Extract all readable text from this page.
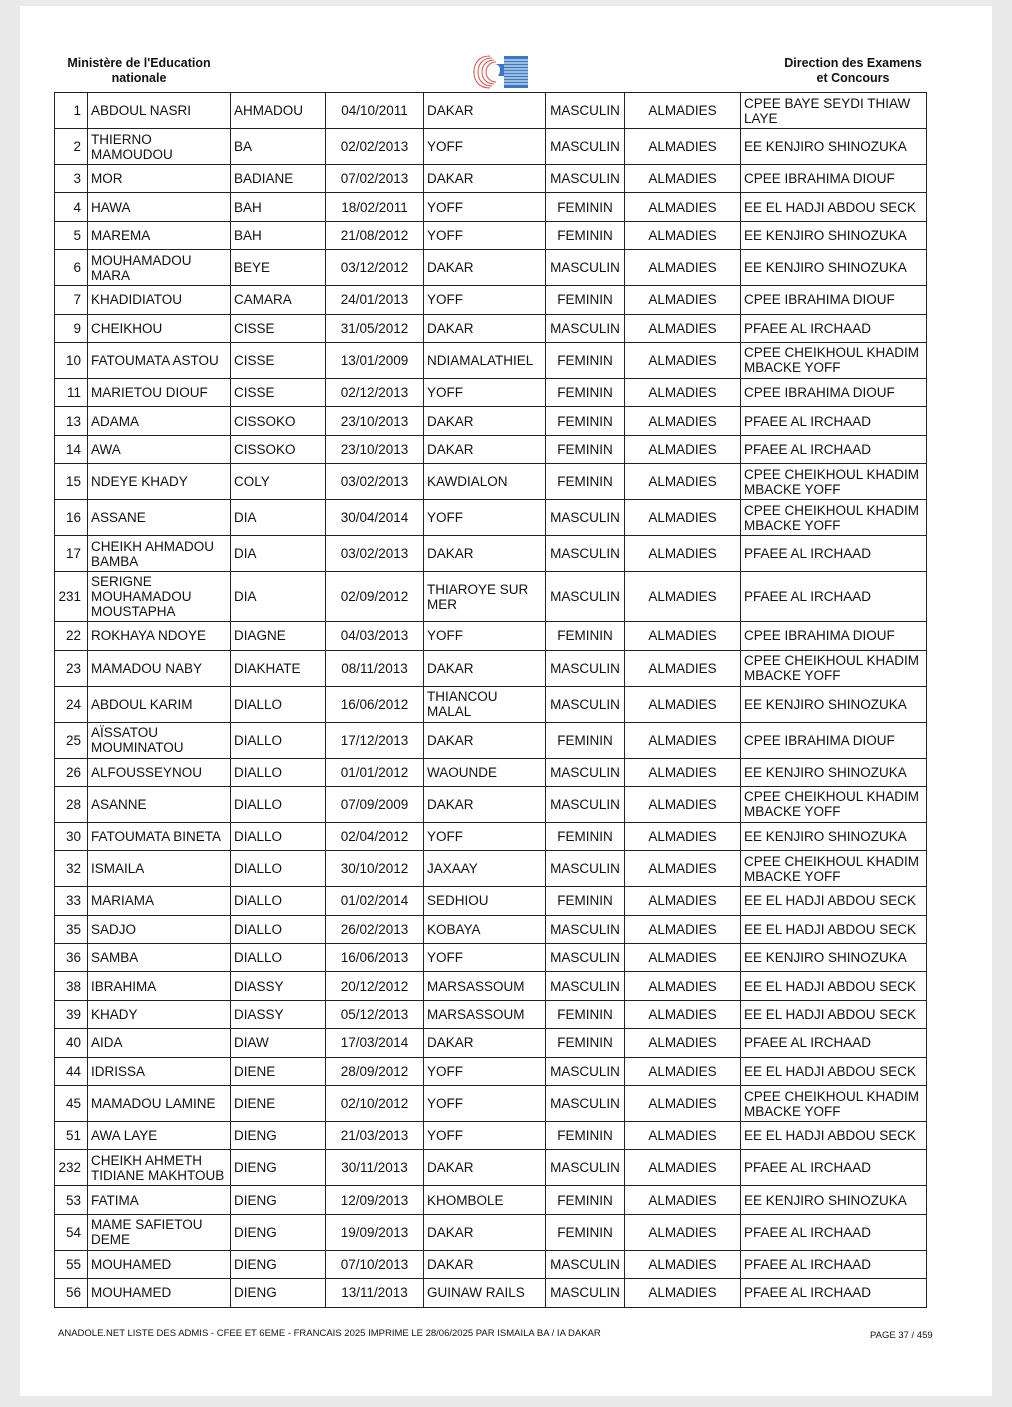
Ministère de l'Education
nationale
Direction des Examens
et Concours
1	ABDOUL NASRI	AHMADOU	04/10/2011	DAKAR	MASCULIN	ALMADIES	CPEE BAYE SEYDI THIAW LAYE
2	THIERNO MAMOUDOU	BA	02/02/2013	YOFF	MASCULIN	ALMADIES	EE KENJIRO SHINOZUKA
3	MOR	BADIANE	07/02/2013	DAKAR	MASCULIN	ALMADIES	CPEE IBRAHIMA DIOUF
4	HAWA	BAH	18/02/2011	YOFF	FEMININ	ALMADIES	EE EL HADJI ABDOU SECK
5	MAREMA	BAH	21/08/2012	YOFF	FEMININ	ALMADIES	EE KENJIRO SHINOZUKA
6	MOUHAMADOU MARA	BEYE	03/12/2012	DAKAR	MASCULIN	ALMADIES	EE KENJIRO SHINOZUKA
7	KHADIDIATOU	CAMARA	24/01/2013	YOFF	FEMININ	ALMADIES	CPEE IBRAHIMA DIOUF
9	CHEIKHOU	CISSE	31/05/2012	DAKAR	MASCULIN	ALMADIES	PFAEE AL IRCHAAD
10	FATOUMATA ASTOU	CISSE	13/01/2009	NDIAMALATHIEL	FEMININ	ALMADIES	CPEE CHEIKHOUL KHADIM MBACKE YOFF
11	MARIETOU DIOUF	CISSE	02/12/2013	YOFF	FEMININ	ALMADIES	CPEE IBRAHIMA DIOUF
13	ADAMA	CISSOKO	23/10/2013	DAKAR	FEMININ	ALMADIES	PFAEE AL IRCHAAD
14	AWA	CISSOKO	23/10/2013	DAKAR	FEMININ	ALMADIES	PFAEE AL IRCHAAD
15	NDEYE KHADY	COLY	03/02/2013	KAWDIALON	FEMININ	ALMADIES	CPEE CHEIKHOUL KHADIM MBACKE YOFF
16	ASSANE	DIA	30/04/2014	YOFF	MASCULIN	ALMADIES	CPEE CHEIKHOUL KHADIM MBACKE YOFF
17	CHEIKH AHMADOU BAMBA	DIA	03/02/2013	DAKAR	MASCULIN	ALMADIES	PFAEE AL IRCHAAD
231	SERIGNE MOUHAMADOU MOUSTAPHA	DIA	02/09/2012	THIAROYE SUR MER	MASCULIN	ALMADIES	PFAEE AL IRCHAAD
22	ROKHAYA NDOYE	DIAGNE	04/03/2013	YOFF	FEMININ	ALMADIES	CPEE IBRAHIMA DIOUF
23	MAMADOU NABY	DIAKHATE	08/11/2013	DAKAR	MASCULIN	ALMADIES	CPEE CHEIKHOUL KHADIM MBACKE YOFF
24	ABDOUL KARIM	DIALLO	16/06/2012	THIANCOU MALAL	MASCULIN	ALMADIES	EE KENJIRO SHINOZUKA
25	AÏSSATOU MOUMINATOU	DIALLO	17/12/2013	DAKAR	FEMININ	ALMADIES	CPEE IBRAHIMA DIOUF
26	ALFOUSSEYNOU	DIALLO	01/01/2012	WAOUNDE	MASCULIN	ALMADIES	EE KENJIRO SHINOZUKA
28	ASANNE	DIALLO	07/09/2009	DAKAR	MASCULIN	ALMADIES	CPEE CHEIKHOUL KHADIM MBACKE YOFF
30	FATOUMATA BINETA	DIALLO	02/04/2012	YOFF	FEMININ	ALMADIES	EE KENJIRO SHINOZUKA
32	ISMAILA	DIALLO	30/10/2012	JAXAAY	MASCULIN	ALMADIES	CPEE CHEIKHOUL KHADIM MBACKE YOFF
33	MARIAMA	DIALLO	01/02/2014	SEDHIOU	FEMININ	ALMADIES	EE EL HADJI ABDOU SECK
35	SADJO	DIALLO	26/02/2013	KOBAYA	MASCULIN	ALMADIES	EE EL HADJI ABDOU SECK
36	SAMBA	DIALLO	16/06/2013	YOFF	MASCULIN	ALMADIES	EE KENJIRO SHINOZUKA
38	IBRAHIMA	DIASSY	20/12/2012	MARSASSOUM	MASCULIN	ALMADIES	EE EL HADJI ABDOU SECK
39	KHADY	DIASSY	05/12/2013	MARSASSOUM	FEMININ	ALMADIES	EE EL HADJI ABDOU SECK
40	AIDA	DIAW	17/03/2014	DAKAR	FEMININ	ALMADIES	PFAEE AL IRCHAAD
44	IDRISSA	DIENE	28/09/2012	YOFF	MASCULIN	ALMADIES	EE EL HADJI ABDOU SECK
45	MAMADOU LAMINE	DIENE	02/10/2012	YOFF	MASCULIN	ALMADIES	CPEE CHEIKHOUL KHADIM MBACKE YOFF
51	AWA LAYE	DIENG	21/03/2013	YOFF	FEMININ	ALMADIES	EE EL HADJI ABDOU SECK
232	CHEIKH AHMETH TIDIANE MAKHTOUB	DIENG	30/11/2013	DAKAR	MASCULIN	ALMADIES	PFAEE AL IRCHAAD
53	FATIMA	DIENG	12/09/2013	KHOMBOLE	FEMININ	ALMADIES	EE KENJIRO SHINOZUKA
54	MAME SAFIETOU DEME	DIENG	19/09/2013	DAKAR	FEMININ	ALMADIES	PFAEE AL IRCHAAD
55	MOUHAMED	DIENG	07/10/2013	DAKAR	MASCULIN	ALMADIES	PFAEE AL IRCHAAD
56	MOUHAMED	DIENG	13/11/2013	GUINAW RAILS	MASCULIN	ALMADIES	PFAEE AL IRCHAAD
ANADOLE.NET LISTE DES ADMIS - CFEE ET 6EME - FRANCAIS 2025 IMPRIME LE 28/06/2025 PAR ISMAILA BA / IA DAKAR	PAGE 37 / 459
